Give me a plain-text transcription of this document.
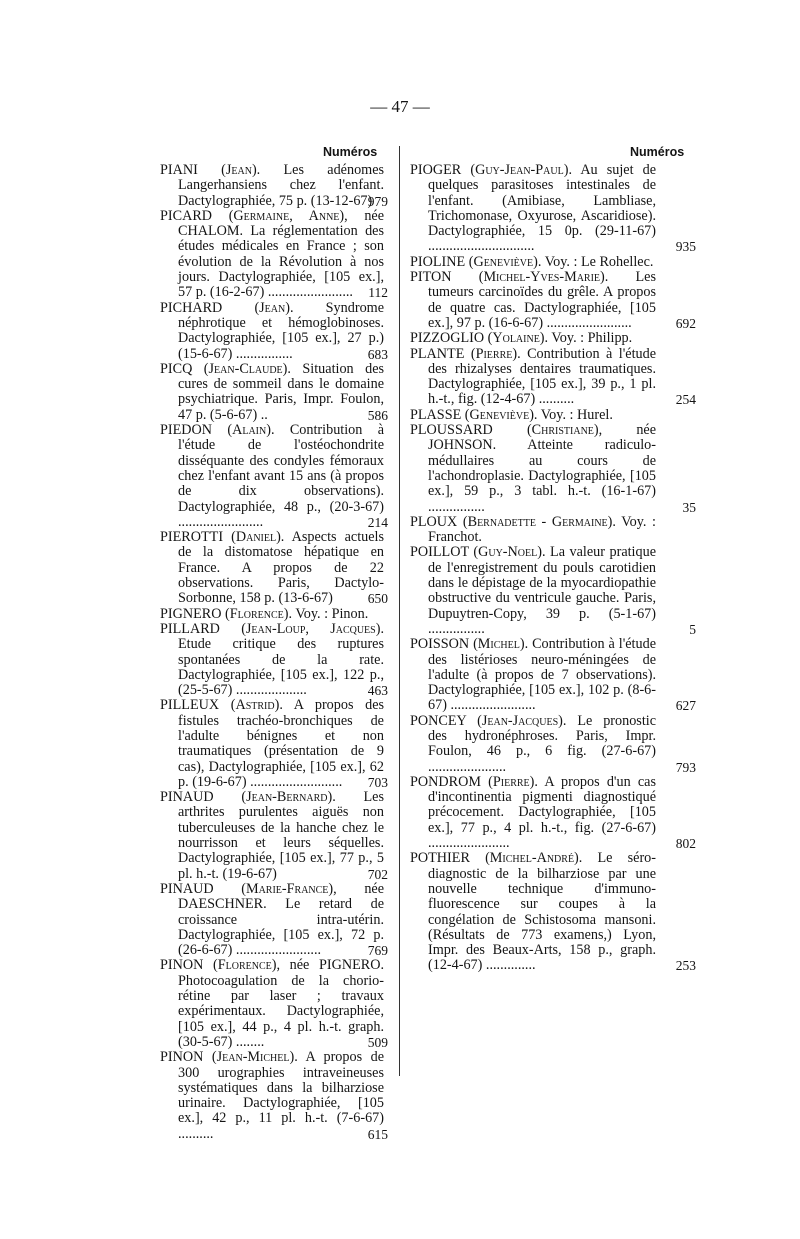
— 47 —
Numéros	Numéros

PIANI (Jean). Les adénomes Langerhansiens chez l'enfant. Dactylographiée, 75 p. (13-12-67)

PICARD (Germaine, Anne), née CHALOM. La réglementation des études médicales en France ; son évolution de la Révolution à nos jours. Dactylographiée, [105 ex.], 57 p. (16-2-67) ........................

PICHARD (Jean). Syndrome néphrotique et hémoglobinoses. Dactylographiée, [105 ex.], 27 p.) (15-6-67) ................

PICQ (Jean-Claude). Situation des cures de sommeil dans le domaine psychiatrique. Paris, Impr. Foulon, 47 p. (5-6-67) ..

PIEDON (Alain). Contribution à l'étude de l'ostéochondrite disséquante des condyles fémoraux chez l'enfant avant 15 ans (à propos de dix observations). Dactylographiée, 48 p., (20-3-67) ........................

PIEROTTI (Daniel). Aspects actuels de la distomatose hépatique en France. A propos de 22 observations. Paris, Dactylo-Sorbonne, 158 p. (13-6-67)

PIGNERO (Florence). Voy. : Pinon.

PILLARD (Jean-Loup, Jacques). Etude critique des ruptures spontanées de la rate. Dactylographiée, [105 ex.], 122 p., (25-5-67) ....................

PILLEUX (Astrid). A propos des fistules trachéo-bronchiques de l'adulte bénignes et non traumatiques (présentation de 9 cas), Dactylographiée, [105 ex.], 62 p. (19-6-67) ..........................

PINAUD (Jean-Bernard). Les arthrites purulentes aiguës non tuberculeuses de la hanche chez le nourrisson et leurs séquelles. Dactylographiée, [105 ex.], 77 p., 5 pl. h.-t. (19-6-67)

PINAUD (Marie-France), née DAESCHNER. Le retard de croissance intra-utérin. Dactylographiée, [105 ex.], 72 p. (26-6-67) ........................

PINON (Florence), née PIGNERO. Photocoagulation de la chorio-rétine par laser ; travaux expérimentaux. Dactylographiée, [105 ex.], 44 p., 4 pl. h.-t. graph. (30-5-67) ........

PINON (Jean-Michel). A propos de 300 urographies intraveineuses systématiques dans la bilharziose urinaire. Dactylographiée, [105 ex.], 42 p., 11 pl. h.-t. (7-6-67) ..........

979
112
683
586
214
650
463
703
702
769
509
615

PIOGER (Guy-Jean-Paul). Au sujet de quelques parasitoses intestinales de l'enfant. (Amibiase, Lambliase, Trichomonase, Oxyurose, Ascaridiose). Dactylographiée, 15 0p. (29-11-67) ..............................

PIOLINE (Geneviève). Voy. : Le Rohellec.

PITON (Michel-Yves-Marie). Les tumeurs carcinoïdes du grêle. A propos de quatre cas. Dactylographiée, [105 ex.], 97 p. (16-6-67) ........................

PIZZOGLIO (Yolaine). Voy. : Philipp.

PLANTE (Pierre). Contribution à l'étude des rhizalyses dentaires traumatiques. Dactylographiée, [105 ex.], 39 p., 1 pl. h.-t., fig. (12-4-67) ..........

PLASSE (Geneviève). Voy. : Hurel.

PLOUSSARD (Christiane), née JOHNSON. Atteinte radiculo-médullaires au cours de l'achondroplasie. Dactylographiée, [105 ex.], 59 p., 3 tabl. h.-t. (16-1-67) ................

PLOUX (Bernadette - Germaine). Voy. : Franchot.

POILLOT (Guy-Noel). La valeur pratique de l'enregistrement du pouls carotidien dans le dépistage de la myocardiopathie obstructive du ventricule gauche. Paris, Dupuytren-Copy, 39 p. (5-1-67) ................

POISSON (Michel). Contribution à l'étude des listérioses neuro-méningées de l'adulte (à propos de 7 observations). Dactylographiée, [105 ex.], 102 p. (8-6-67) ........................

PONCEY (Jean-Jacques). Le pronostic des hydronéphroses. Paris, Impr. Foulon, 46 p., 6 fig. (27-6-67) ......................

PONDROM (Pierre). A propos d'un cas d'incontinentia pigmenti diagnostiqué précocement. Dactylographiée, [105 ex.], 77 p., 4 pl. h.-t., fig. (27-6-67) .......................

POTHIER (Michel-André). Le séro-diagnostic de la bilharziose par une nouvelle technique d'immuno-fluorescence sur coupes à la congélation de Schistosoma mansoni. (Résultats de 773 examens,) Lyon, Impr. des Beaux-Arts, 158 p., graph. (12-4-67) ..............

935
692
254
35
5
627
793
802
253
